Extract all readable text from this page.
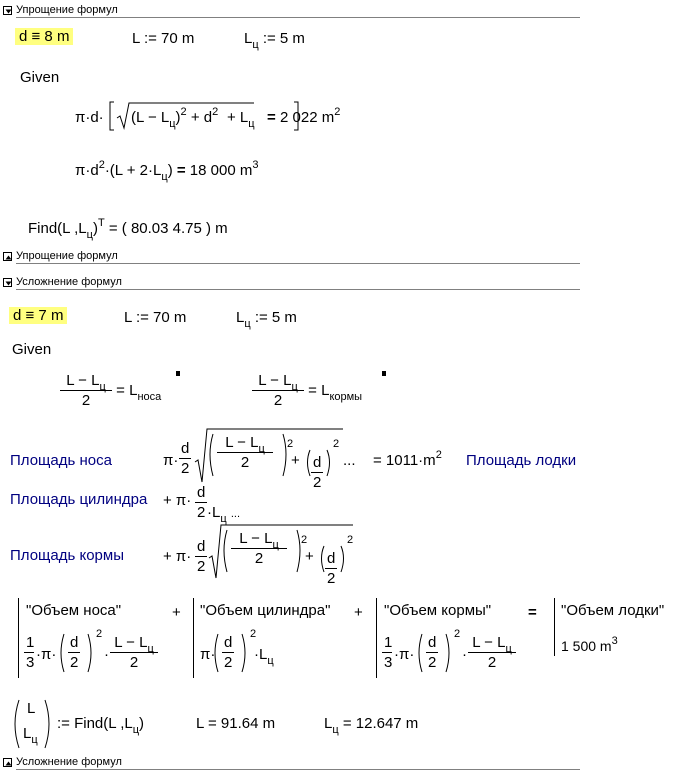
Упрощение формул
d ≡ 8 m	L := 70 m	$L_ц$ := 5 m
Given
$\pi\cdot d\cdot (L - L_ц)^2 + d^2 + L_ц = 2$ 022 $m^2$
$\pi\cdot d^2\cdot(L + 2\cdot L_ц) = 18$ 000 $m^3$
Find(L $,L_ц)^T$ = ( 80.03 4.75 ) m
Упрощение формул
Усложнение формул
d ≡ 7 m	L := 70 m	$L_ц$ := 5 m
Given
$\frac{L - L_ц}{2} = L_{носа}$	$\frac{L - L_ц}{2} = L_{кормы}$
Площадь носа
Площадь цилиндра
Площадь кормы
Площадь лодки
π·
d
2
$L - L_ц$
2
2
+ d
2
2
... = $1011\cdot m^2$
+ π· d
$2 \cdot L_ц$ ...
+ π·
d
2
$L - L_ц$
2
2
+ d
2
2
"Объем носа"
1
3 ·π·
d
2
2
·
$L - L_ц$
2
+ "Объем цилиндра"
π·
d
2
2
$\cdot L_ц$
+ "Объем кормы"
1
3 ·π·
d
2
2
·
$L - L_ц$
2
= "Объем лодки"
1 500 $m^3$
L
$L_ц$
:= Find(L $,L_ц$)	L = 91.64 m	$L_ц = 12.647$ m
Усложнение формул
